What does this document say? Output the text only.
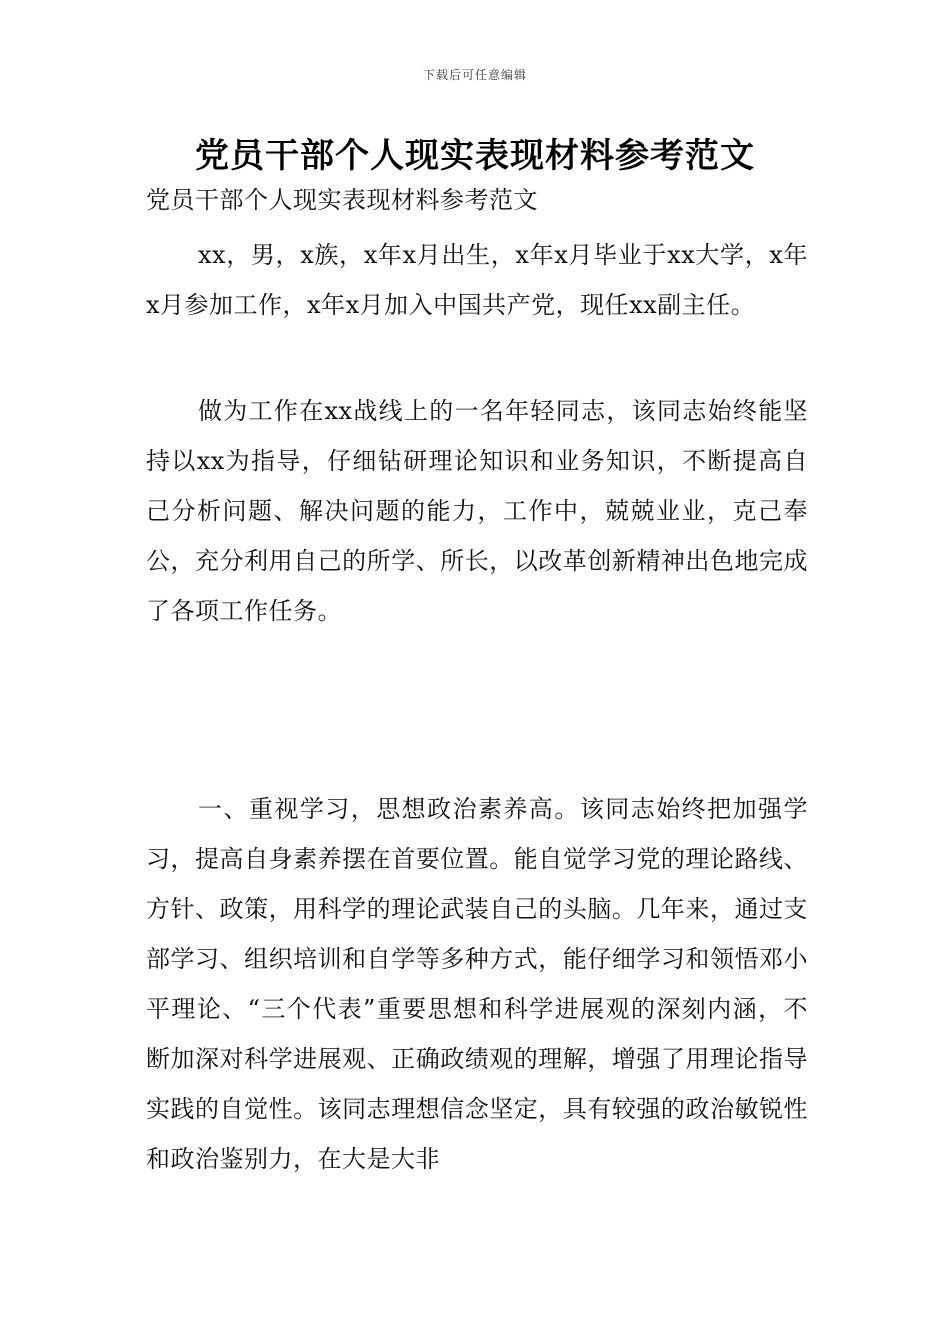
下载后可任意编辑
党员干部个人现实表现材料参考范文

党员干部个人现实表现材料参考范文

xx，男，x族，x年x月出生，x年x月毕业于xx大学，x年x月参加工作，x年x月加入中国共产党，现任xx副主任。

做为工作在xx战线上的一名年轻同志，该同志始终能坚持以xx为指导，仔细钻研理论知识和业务知识，不断提高自己分析问题、解决问题的能力，工作中，兢兢业业，克己奉公，充分利用自己的所学、所长，以改革创新精神出色地完成了各项工作任务。

一、重视学习，思想政治素养高。该同志始终把加强学习，提高自身素养摆在首要位置。能自觉学习党的理论路线、方针、政策，用科学的理论武装自己的头脑。几年来，通过支部学习、组织培训和自学等多种方式，能仔细学习和领悟邓小平理论、“三个代表”重要思想和科学进展观的深刻内涵，不断加深对科学进展观、正确政绩观的理解，增强了用理论指导实践的自觉性。该同志理想信念坚定，具有较强的政治敏锐性和政治鉴别力，在大是大非
